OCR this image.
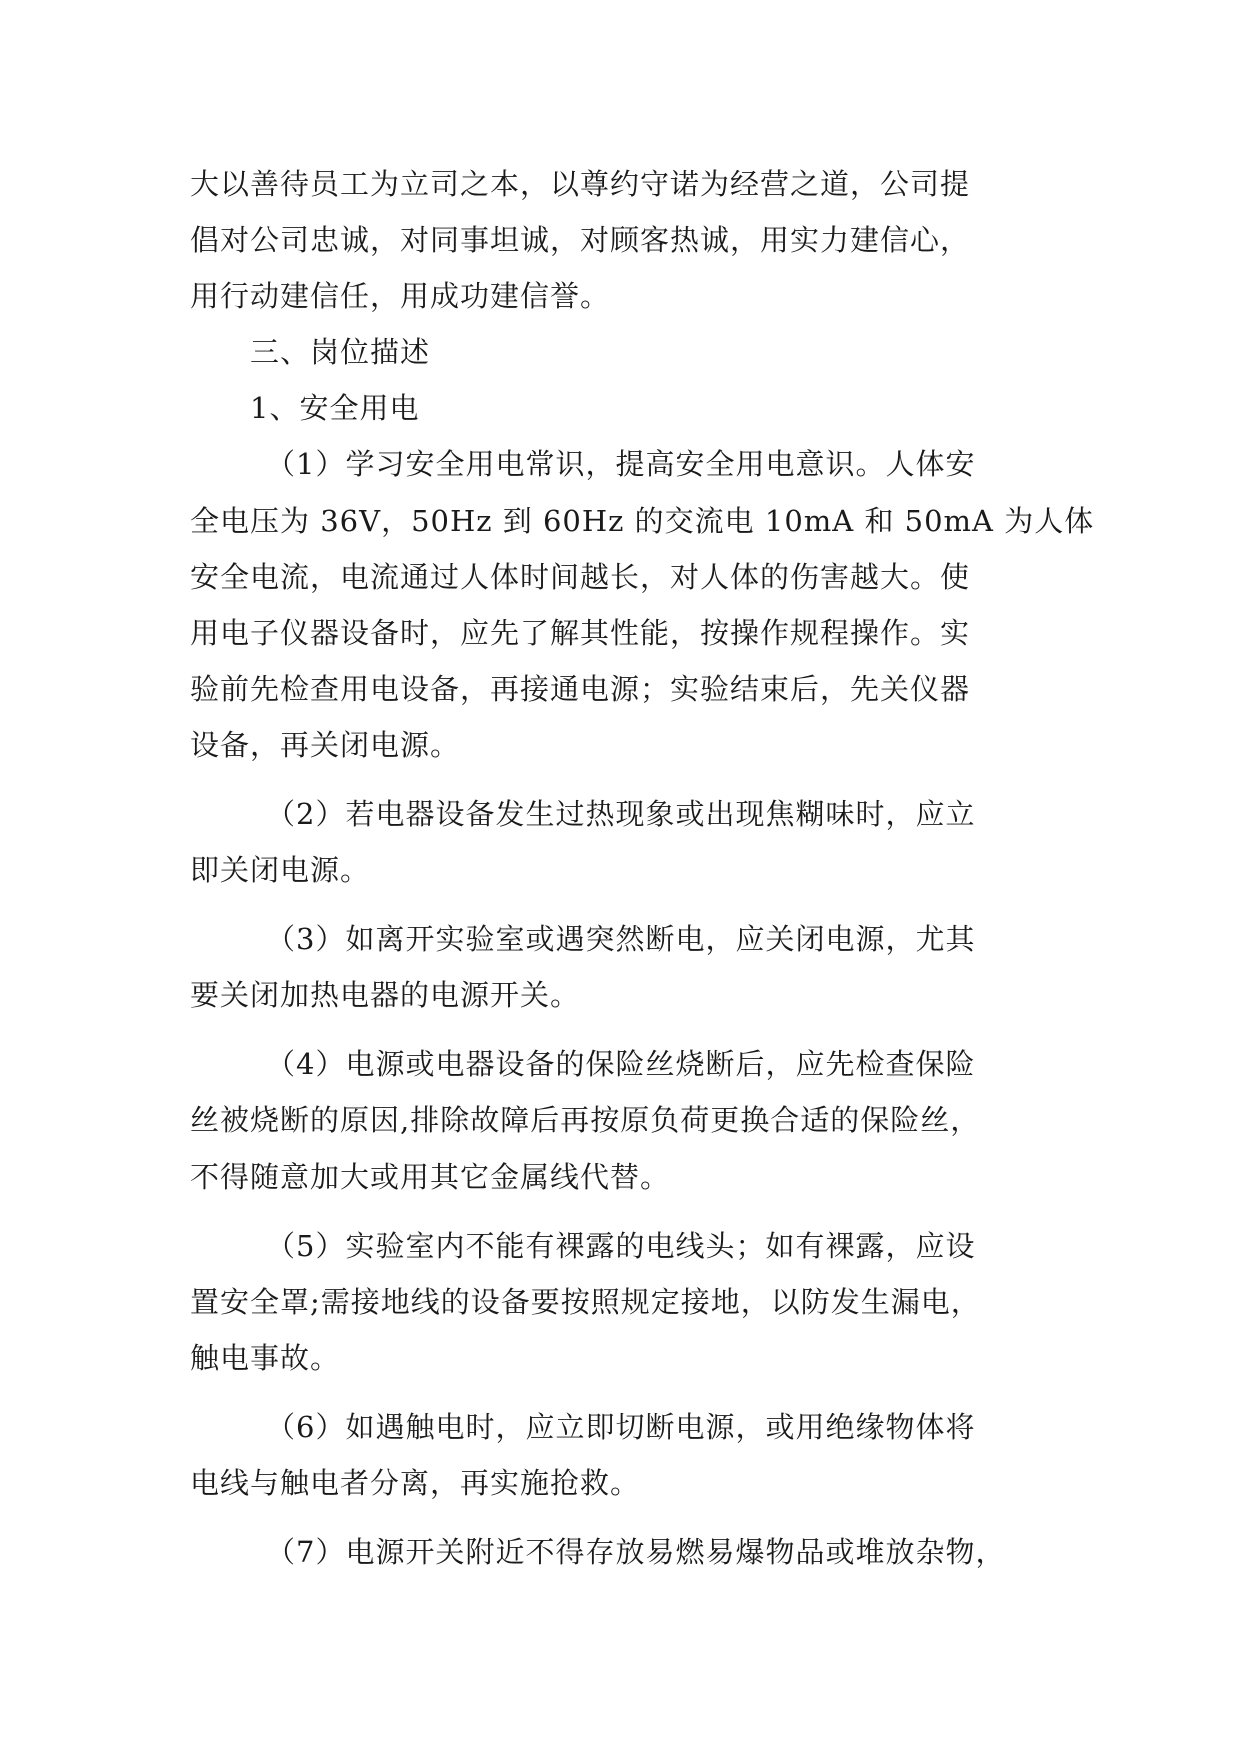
大以善待员工为立司之本，以尊约守诺为经营之道，公司提
倡对公司忠诚，对同事坦诚，对顾客热诚，用实力建信心，
用行动建信任，用成功建信誉。
三、岗位描述
1、安全用电
（1）学习安全用电常识，提高安全用电意识。人体安
全电压为 36V，50Hz 到 60Hz 的交流电 10mA 和 50mA 为人体
安全电流，电流通过人体时间越长，对人体的伤害越大。使
用电子仪器设备时，应先了解其性能，按操作规程操作。实
验前先检查用电设备，再接通电源；实验结束后，先关仪器
设备，再关闭电源。
（2）若电器设备发生过热现象或出现焦糊味时，应立
即关闭电源。
（3）如离开实验室或遇突然断电，应关闭电源，尤其
要关闭加热电器的电源开关。
（4）电源或电器设备的保险丝烧断后，应先检查保险
丝被烧断的原因,排除故障后再按原负荷更换合适的保险丝，
不得随意加大或用其它金属线代替。
（5）实验室内不能有裸露的电线头；如有裸露，应设
置安全罩;需接地线的设备要按照规定接地，以防发生漏电，
触电事故。
（6）如遇触电时，应立即切断电源，或用绝缘物体将
电线与触电者分离，再实施抢救。
（7）电源开关附近不得存放易燃易爆物品或堆放杂物，
